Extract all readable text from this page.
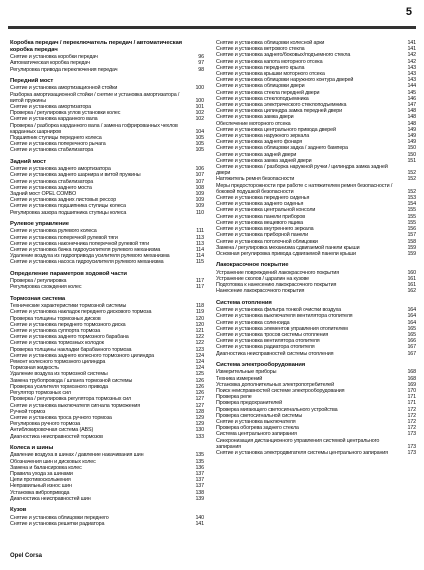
5
Коробка передач / переключатель передач / автоматическая коробка передач
Снятие и установка коробки передач	96
Автоматическая коробка передач	97
Регулировка привода переключения передач	98
Передний мост
Снятие и установка амортизационной стойки	100
Разборка амортизационной стойки / снятие и установка амортизатора / витой пружины	100
Снятие и установка амортизатора	101
Проверка / регулировка углов установки колес	102
Снятие и установка карданного вала	102
Проверка / разборка карданного вала / замена гофрированных чехлов карданных шарниров	104
Подшипник ступицы переднего колеса	105
Снятие и установка поперечного рычага	105
Снятие и установка стабилизатора	105
Задний мост
Снятие и установка заднего амортизатора	106
Снятие и установка заднего шарнира и витой пружины	107
Снятие и установка стабилизатора	107
Снятие и установка заднего моста	108
Задний мост OPEL COMBO	109
Снятие и установка задних листовых рессор	109
Снятие и установка подшипника ступицы колеса	109
Регулировка зазора подшипника ступицы колеса	110
Рулевое управление
Снятие и установка рулевого колеса	111
Снятие и установка поперечной рулевой тяги	113
Снятие и установка наконечника поперечной рулевой тяги	113
Снятие и установка бачка гидроусилителя рулевого механизма	114
Удаление воздуха из гидропривода усилителя рулевого механизма	114
Снятие и установка насоса гидроусилителя рулевого механизма	115
Определение параметров ходовой части
Проверка / регулировка	117
Регулировка схождения колес	117
Тормозная система
Технические характеристики тормозной системы	118
Снятие и установка накладок переднего дискового тормоза	119
Проверка толщины тормозных дисков	120
Снятие и установка переднего тормозного диска	120
Снятие и установка суппорта тормоза	121
Снятие и установка заднего тормозного барабана	122
Снятие и установка тормозных колодок	122
Проверка толщины накладки барабанного тормоза	123
Снятие и установка заднего колесного тормозного цилиндра	124
Ремонт колесного тормозного цилиндра	124
Тормозная жидкость	124
Удаление воздуха из тормозной системы	125
Замена трубопровода / шланга тормозной системы	126
Проверка усилителя тормозного привода	126
Регулятор тормозных сил	126
Проверка / регулировка регулятора тормозных сил	127
Снятие и установка выключателя сигнала торможения	127
Ручной тормоз	128
Снятие и установка троса ручного тормоза	129
Регулировка ручного тормоза	129
Антиблокировочная система (ABS)	130
Диагностика неисправностей тормозов	133
Колеса и шины
Давление воздуха в шинах / давление накачивания шин	135
Обозначения шин и дисковых колес	135
Замена и балансировка колес	136
Правила ухода за шинами	137
Цепи противоскольжения	137
Неправильный износ шин	137
Установка вибропривода	138
Диагностика неисправностей шин	139
Кузов
Снятие и установка облицовки переднего	140
Снятие и установка решетки радиатора	141
Снятие и установка облицовки колесной арки	141
Снятие и установка ветрового стекла	141
Снятие и установка заднего/боковых/подъемного стекла	142
Снятие и установка капота моторного отсека	142
Снятие и установка переднего крыла	143
Снятие и установка крышки моторного отсека	143
Снятие и установка облицовки наружного контура дверей	143
Снятие и установка облицовки двери	144
Снятие и установка стекла передней двери	145
Снятие и установка стеклоподъемника	146
Снятие и установка электрического стеклоподъемника	147
Снятие и установка цилиндра замка передней двери	148
Снятие и установка замка двери	148
Обеспечение моторного отсека	148
Снятие и установка центрального привода дверей	149
Снятие и установка наружного зеркала	149
Снятие и установка заднего фонаря	149
Снятие и установка облицовки задка / заднего бампера	150
Снятие и установка задней двери	150
Снятие и установка замка задней двери	151
Снятие и установка / разборка наружной ручки / цилиндра замка задней двери	152
Натяжитель ремня безопасности	152
Меры предосторожности при работе с натяжителем ремня безопасности / боковой подушкой безопасности	152
Снятие и установка переднего сиденья	153
Снятие и установка заднего сиденья	154
Снятие и установка центральной консоли	155
Снятие и установка панели приборов	155
Снятие и установка вещевого ящика	155
Снятие и установка внутреннего зеркала	156
Снятие и установка приборной панели	157
Снятие и установка потолочной облицовки	158
Замена / регулировка механизма сдвигаемой панели крыши	159
Основная регулировка привода сдвигаемой панели крыши	159
Лакокрасочное покрытие
Устранение повреждений лакокрасочного покрытия	160
Устранение сколов / царапин на кузове	161
Подготовка к нанесению лакокрасочного покрытия	161
Нанесение лакокрасочного покрытия	162
Система отопления
Снятие и установка фильтра тонкой очистки воздуха	164
Снятие и установка выключателя вентилятора отопителя	164
Снятие и установка соленоида	164
Снятие и установка элементов управления отопителем	165
Снятие и установка тросов системы отопления	165
Снятие и установка вентилятора отопителя	166
Снятие и установка радиатора отопителя	167
Диагностика неисправностей системы отопления	167
Система электрооборудования
Измерительные приборы	168
Техника измерений	168
Установка дополнительных электропотребителей	169
Поиск неисправностей системе электрооборудования	170
Проверка реле	171
Проверка предохранителей	171
Проверка мигающего светосигнального устройства	172
Проверка светосигнальной системы	172
Снятие и установка выключателя	172
Проверка обогрева заднего стекла	172
Система центрального запирания	173
Синхронизация дистанционного управления системой центрального запирания	173
Снятие и установка электродвигателя системы центрального запирания	173
Opel Corsa
